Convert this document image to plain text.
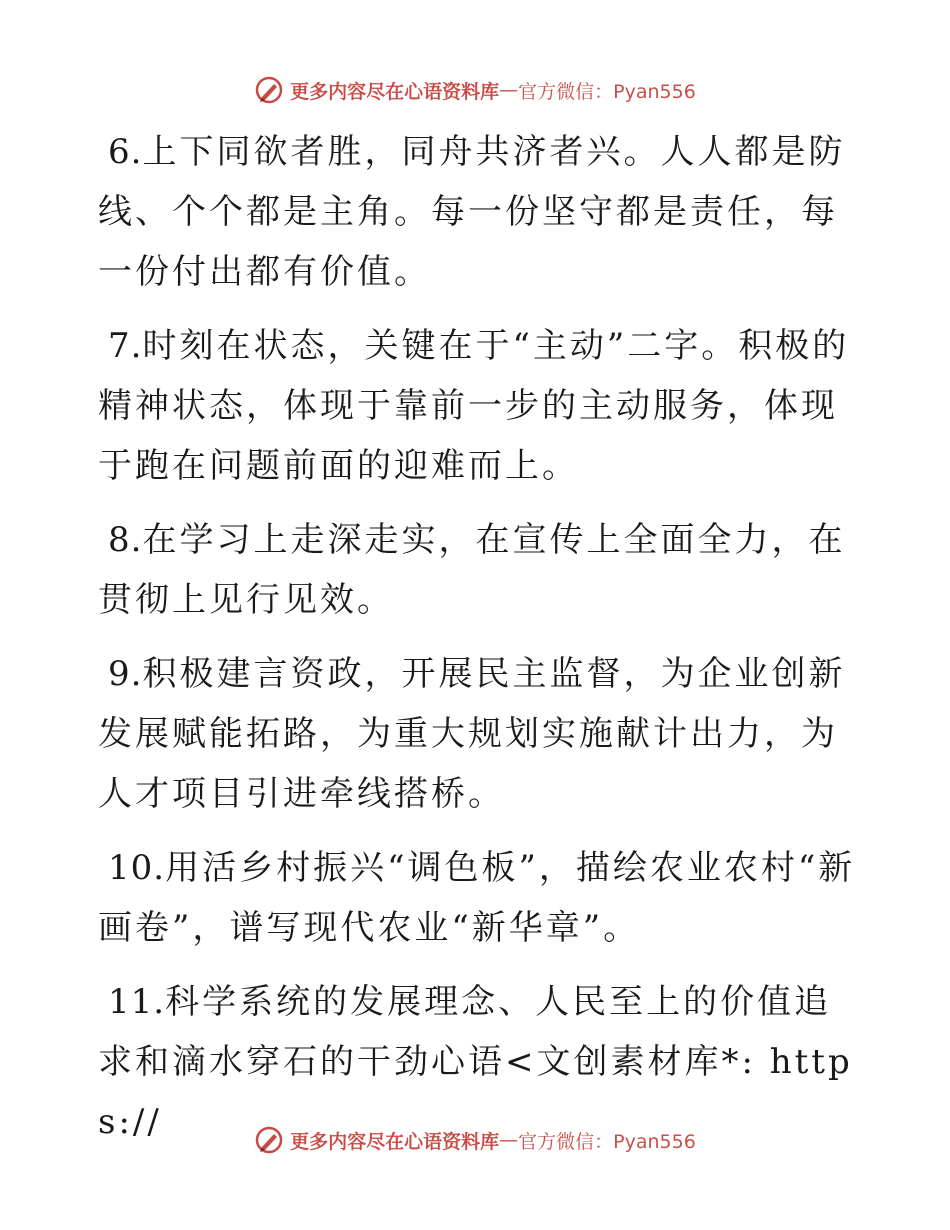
更多内容尽在心语资料库 — 官方微信：Pyan556

6.上下同欲者胜，同舟共济者兴。人人都是防线、个个都是主角。每一份坚守都是责任，每一份付出都有价值。

7.时刻在状态，关键在于“主动”二字。积极的精神状态，体现于靠前一步的主动服务，体现于跑在问题前面的迎难而上。

8.在学习上走深走实，在宣传上全面全力，在贯彻上见行见效。

9.积极建言资政，开展民主监督，为企业创新发展赋能拓路，为重大规划实施献计出力，为人才项目引进牵线搭桥。

10.用活乡村振兴“调色板”，描绘农业农村“新画卷”，谱写现代农业“新华章”。

11.科学系统的发展理念、人民至上的价值追求和滴水穿石的干劲心语<文创素材库*: https://	更多内容尽在心语资料库 — 官方微信：Pyan556
